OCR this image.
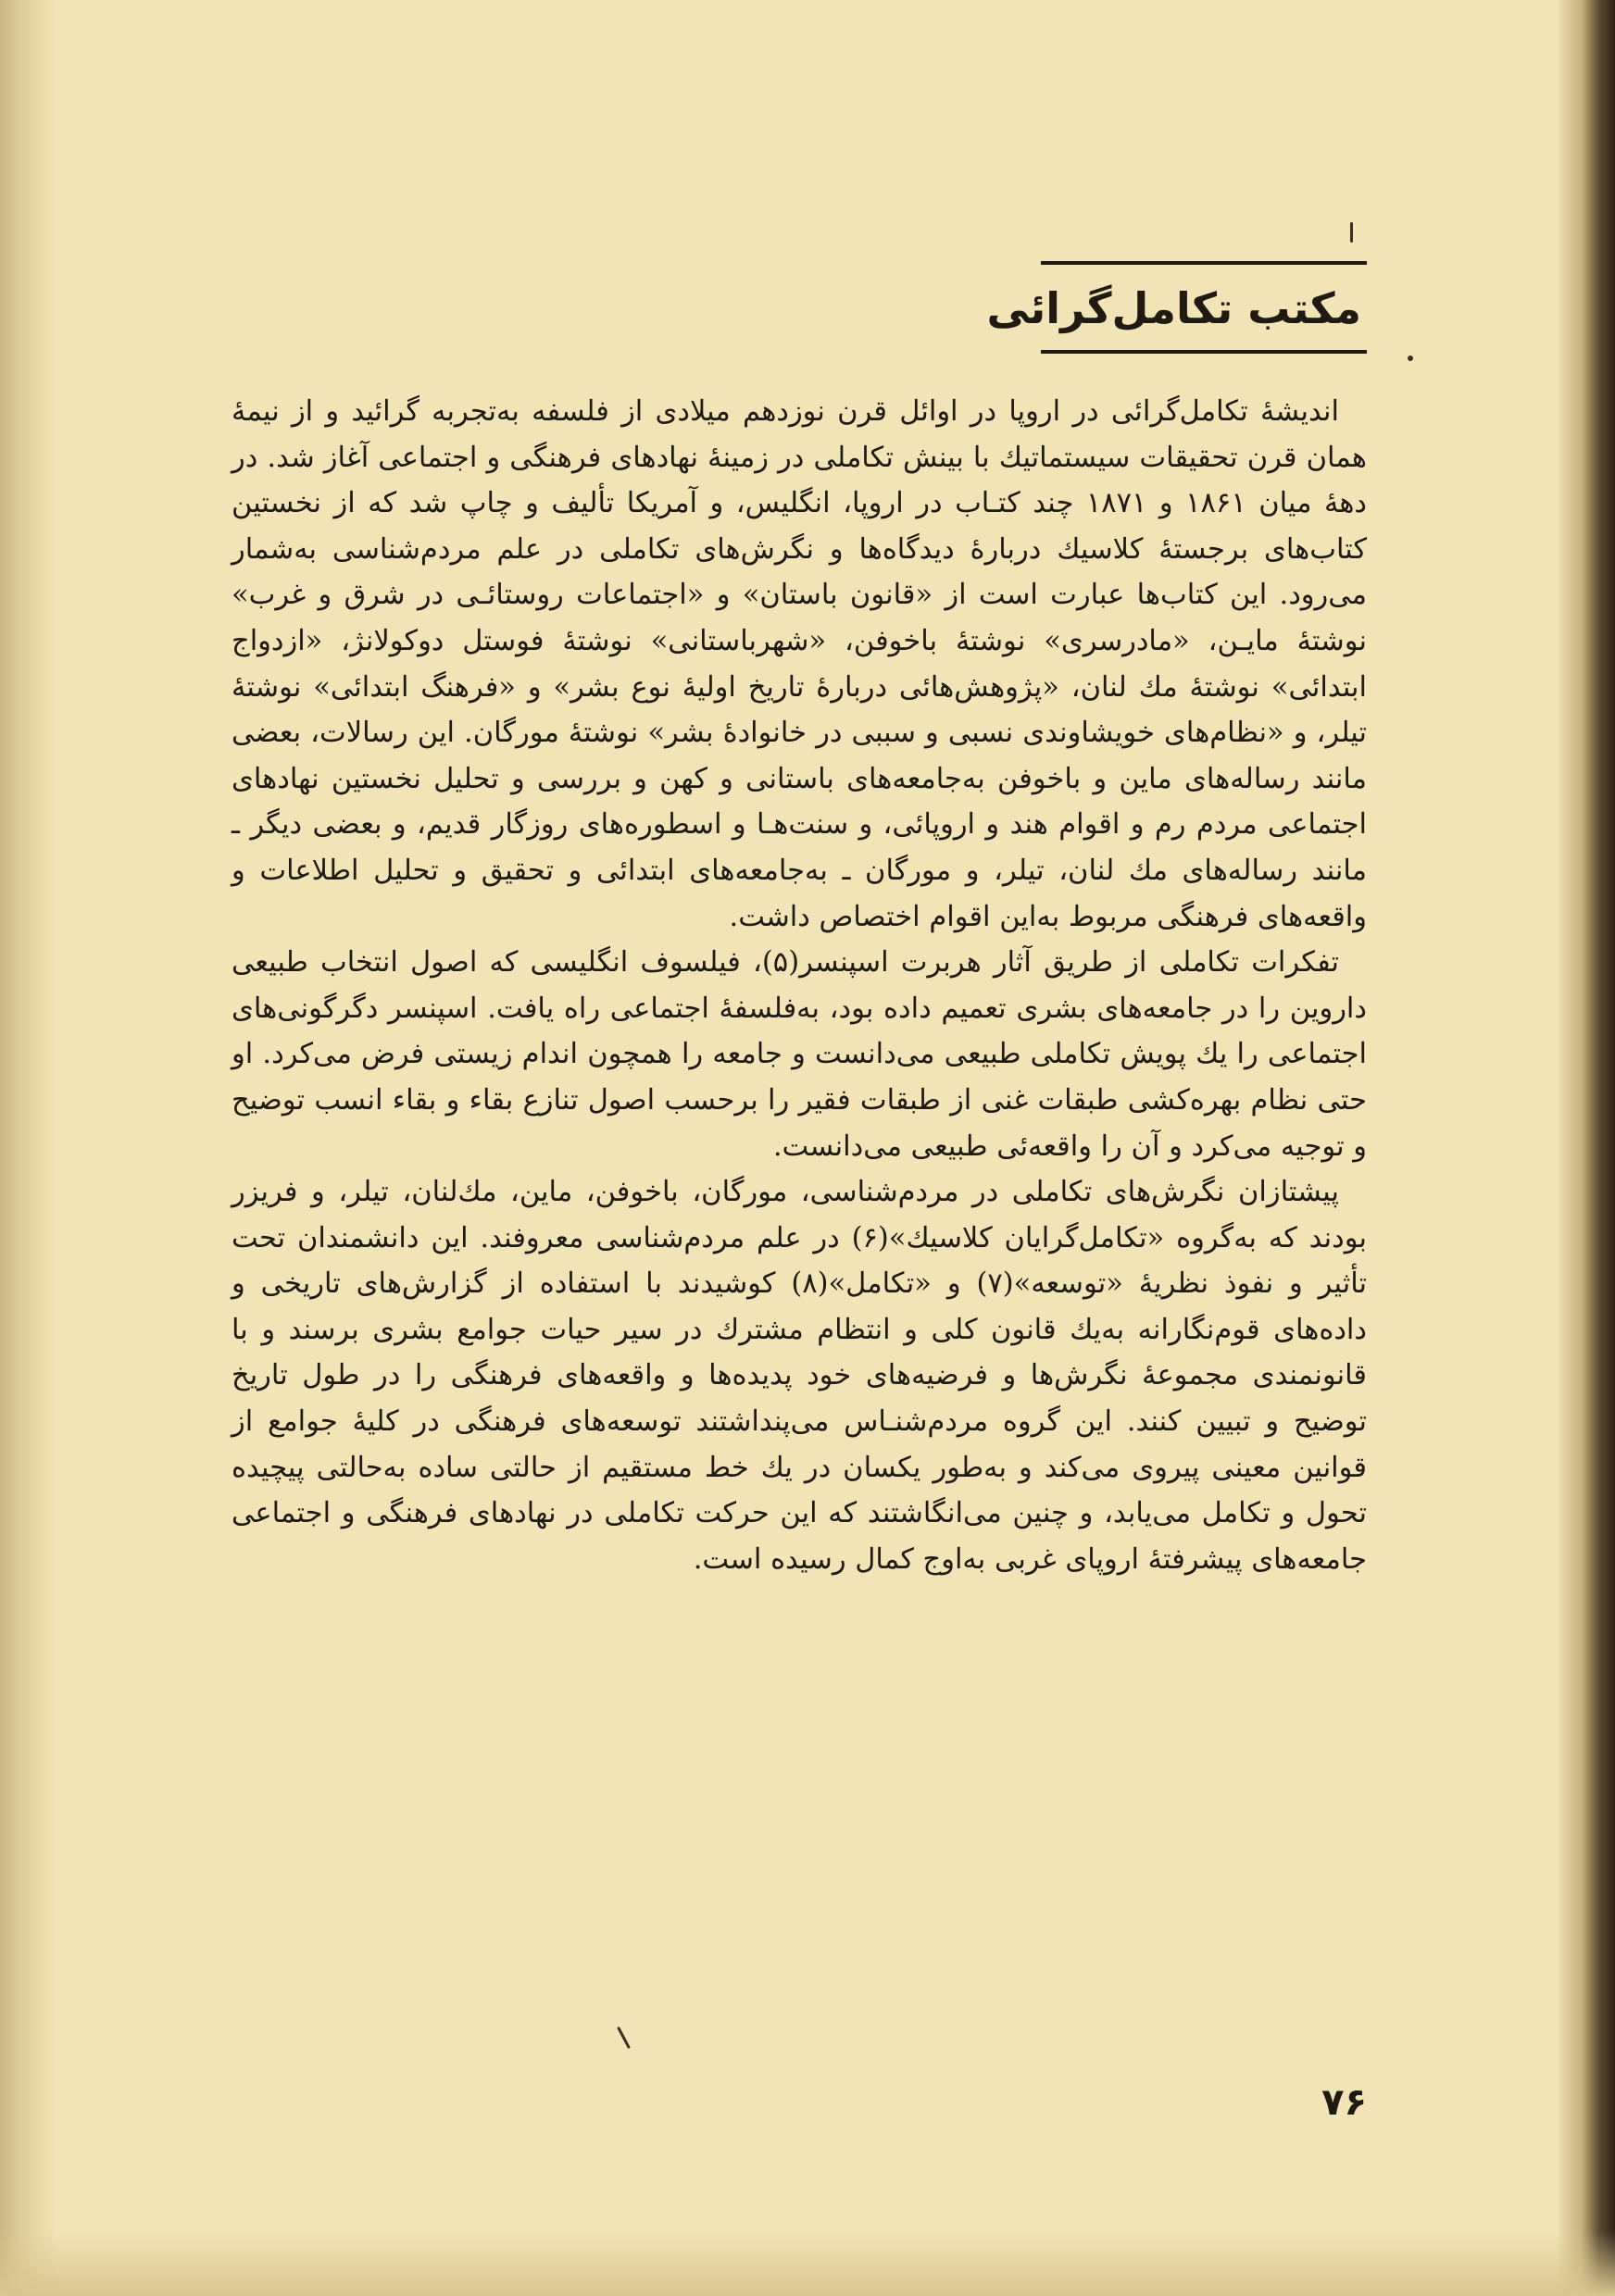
مکتب تکامل‌گرائی

اندیشهٔ تکامل‌گرائی در اروپا در اوائل قرن نوزدهم میلادی از فلسفه به‌تجربه گرائید و از نیمهٔ همان قرن تحقیقات سیستماتیك با بینش تکاملی در زمینهٔ نهادهای فرهنگی و اجتماعی آغاز شد. در دههٔ میان ۱۸۶۱ و ۱۸۷۱ چند کتـاب در اروپا، انگلیس، و آمریکا تألیف و چاپ شد که از نخستین کتاب‌های برجستهٔ کلاسیك دربارهٔ دیدگاه‌ها و نگرش‌های تکاملی در علم مردم‌شناسی به‌شمار می‌رود. این کتاب‌ها عبارت است از «قانون باستان» و «اجتماعات روستائـی در شرق و غرب» نوشتهٔ مایـن، «مادرسری» نوشتهٔ باخوفن، «شهرباستانی» نوشتهٔ فوستل دوکولانژ، «ازدواج ابتدائی» نوشتهٔ مك لنان، «پژوهش‌هائی دربارهٔ تاریخ اولیهٔ نوع بشر» و «فرهنگ ابتدائی» نوشتهٔ تیلر، و «نظام‌های خویشاوندی نسبی و سببی در خانوادهٔ بشر» نوشتهٔ مورگان. این رسالات، بعضی مانند رساله‌های ماین و باخوفن به‌جامعه‌های باستانی و کهن و بررسی و تحلیل نخستین نهادهای اجتماعی مردم رم و اقوام هند و اروپائی، و سنت‌هـا و اسطوره‌های روزگار قدیم، و بعضی دیگر ـ مانند رساله‌های مك لنان، تیلر، و مورگان ـ به‌جامعه‌های ابتدائی و تحقیق و تحلیل اطلاعات و واقعه‌های فرهنگی مربوط به‌این اقوام اختصاص داشت.

تفکرات تکاملی از طریق آثار هربرت اسپنسر(۵)، فیلسوف انگلیسی که اصول انتخاب طبیعی داروین را در جامعه‌های بشری تعمیم داده بود، به‌فلسفهٔ اجتماعی راه یافت. اسپنسر دگرگونی‌های اجتماعی را یك پویش تکاملی طبیعی می‌دانست و جامعه را همچون اندام زیستی فرض می‌کرد. او حتی نظام بهره‌کشی طبقات غنی از طبقات فقیر را برحسب اصول تنازع بقاء و بقاء انسب توضیح و توجیه می‌کرد و آن را واقعه‌ئی طبیعی می‌دانست.

پیشتازان نگرش‌های تکاملی در مردم‌شناسی، مورگان، باخوفن، ماین، مك‌لنان، تیلر، و فریزر بودند که به‌گروه «تکامل‌گرایان کلاسیك»(۶) در علم مردم‌شناسی معروفند. این دانشمندان تحت تأثیر و نفوذ نظریهٔ «توسعه»(۷) و «تکامل»(۸) کوشیدند با استفاده از گزارش‌های تاریخی و داده‌های قوم‌نگارانه به‌یك قانون کلی و انتظام مشترك در سیر حیات جوامع بشری برسند و با قانونمندی مجموعهٔ نگرش‌ها و فرضیه‌های خود پدیده‌ها و واقعه‌های فرهنگی را در طول تاریخ توضیح و تبیین کنند. این گروه مردم‌شنـاس می‌پنداشتند توسعه‌های فرهنگی در کلیهٔ جوامع از قوانین معینی پیروی می‌کند و به‌طور یکسان در یك خط مستقیم از حالتی ساده به‌حالتی پیچیده تحول و تکامل می‌یابد، و چنین می‌انگاشتند که این حرکت تکاملی در نهادهای فرهنگی و اجتماعی جامعه‌های پیشرفتهٔ اروپای غربی به‌اوج کمال رسیده است.

۷۶
